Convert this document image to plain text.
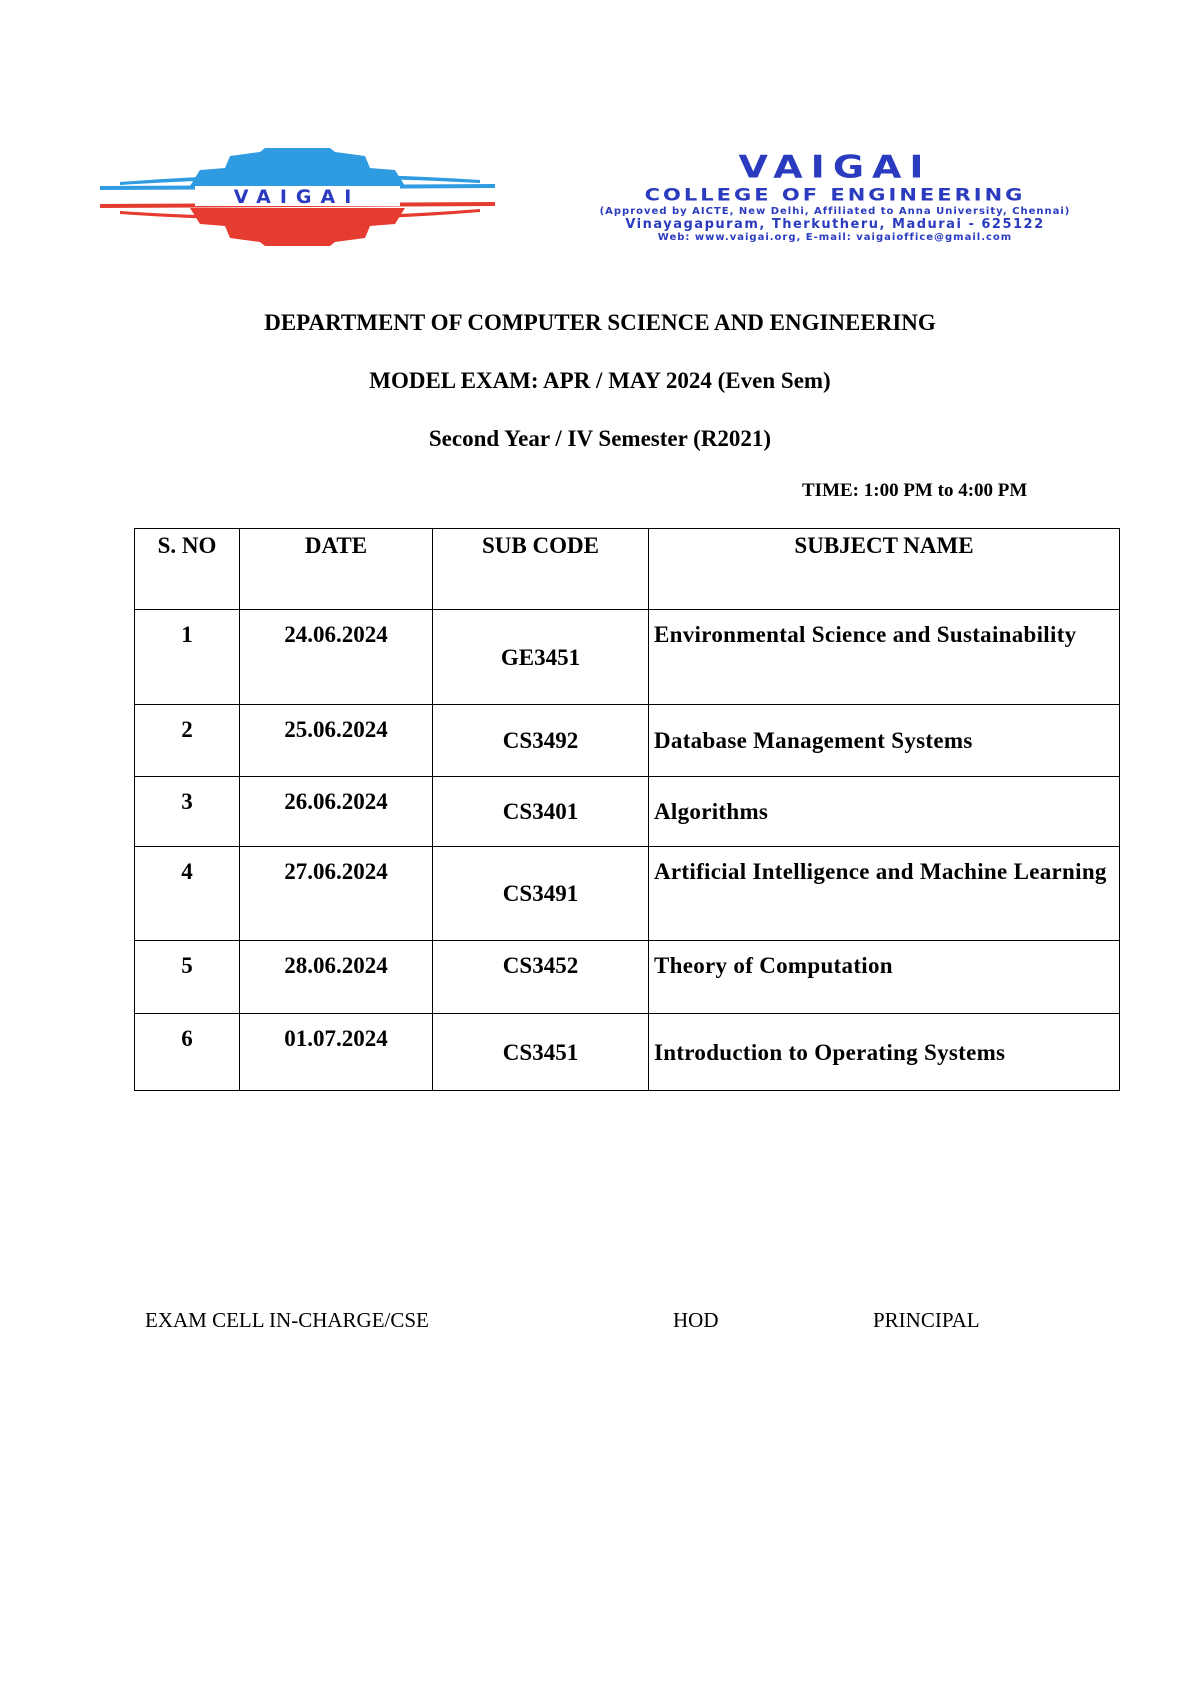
VAIGAI
VAIGAI
COLLEGE OF ENGINEERING
(Approved by AICTE, New Delhi, Affiliated to Anna University, Chennai)
Vinayagapuram, Therkutheru, Madurai - 625122
Web: www.vaigai.org, E-mail: vaigaioffice@gmail.com

DEPARTMENT OF COMPUTER SCIENCE AND ENGINEERING

MODEL EXAM: APR / MAY 2024 (Even Sem)

Second Year / IV Semester (R2021)

TIME: 1:00 PM to 4:00 PM

S. NO	DATE	SUB CODE	SUBJECT NAME
1	24.06.2024	GE3451	Environmental Science and Sustainability
2	25.06.2024	CS3492	Database Management Systems
3	26.06.2024	CS3401	Algorithms
4	27.06.2024	CS3491	Artificial Intelligence and Machine Learning
5	28.06.2024	CS3452	Theory of Computation
6	01.07.2024	CS3451	Introduction to Operating Systems

EXAM CELL IN-CHARGE/CSE	HOD	PRINCIPAL
